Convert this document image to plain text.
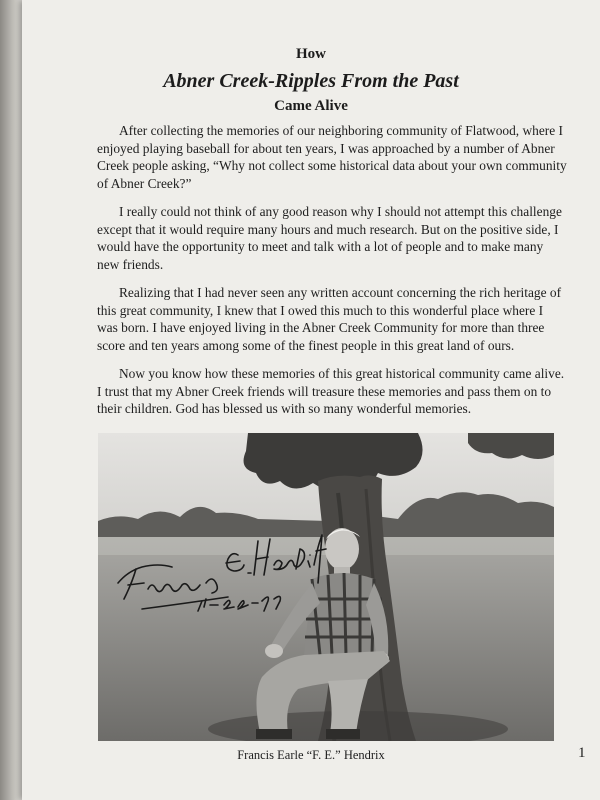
How
Abner Creek-Ripples From the Past
Came Alive

After collecting the memories of our neighboring community of Flatwood, where I enjoyed playing baseball for about ten years, I was approached by a number of Abner Creek people asking, “Why not collect some historical data about your own community of Abner Creek?”

I really could not think of any good reason why I should not attempt this challenge except that it would require many hours and much research. But on the positive side, I would have the opportunity to meet and talk with a lot of people and to make many new friends.

Realizing that I had never seen any written account concerning the rich heritage of this great community, I knew that I owed this much to this wonderful place where I was born. I have enjoyed living in the Abner Creek Community for more than three score and ten years among some of the finest people in this great land of ours.

Now you know how these memories of this great historical community came alive. I trust that my Abner Creek friends will treasure these memories and pass them on to their children. God has blessed us with so many wonderful memories.

Francis Earle “F. E.” Hendrix	1
